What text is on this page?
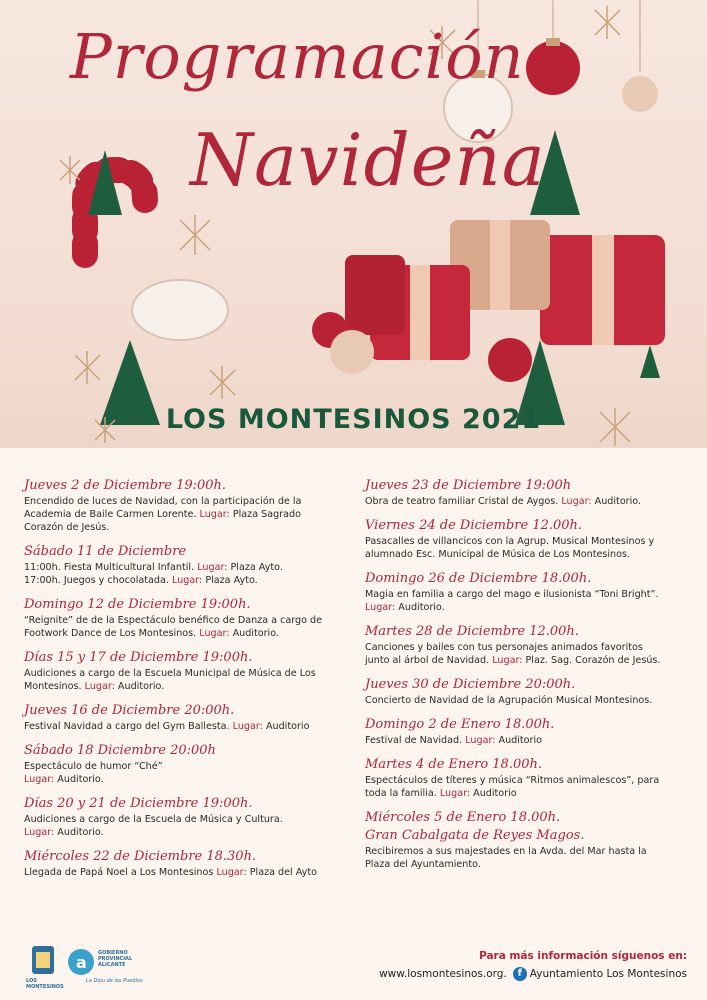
Programación
Navideña
LOS MONTESINOS 2021
Jueves 2 de Diciembre 19:00h.
Encendido de luces de Navidad, con la participación de la
Academia de Baile Carmen Lorente. Lugar: Plaza Sagrado
Corazón de Jesús.
Sábado 11 de Diciembre
11:00h. Fiesta Multicultural Infantil. Lugar: Plaza Ayto.
17:00h. Juegos y chocolatada. Lugar: Plaza Ayto.
Domingo 12 de Diciembre 19:00h.
“Reignite” de de la Espectáculo benéfico de Danza a cargo de
Footwork Dance de Los Montesinos. Lugar: Auditorio.
Días 15 y 17 de Diciembre 19:00h.
Audiciones a cargo de la Escuela Municipal de Música de Los
Montesinos. Lugar: Auditorio.
Jueves 16 de Diciembre 20:00h.
Festival Navidad a cargo del Gym Ballesta. Lugar: Auditorio
Sábado 18 Diciembre 20:00h
Espectáculo de humor “Ché”
Lugar: Auditorio.
Días 20 y 21 de Diciembre 19:00h.
Audiciones a cargo de la Escuela de Música y Cultura.
Lugar: Auditorio.
Miércoles 22 de Diciembre 18.30h.
Llegada de Papá Noel a Los Montesinos Lugar: Plaza del Ayto
Jueves 23 de Diciembre 19:00h
Obra de teatro familiar Cristal de Aygos. Lugar: Auditorio.
Viernes 24 de Diciembre 12.00h.
Pasacalles de villancicos con la Agrup. Musical Montesinos y
alumnado Esc. Municipal de Música de Los Montesinos.
Domingo 26 de Diciembre 18.00h.
Magia en familia a cargo del mago e ilusionista “Toni Bright”.
Lugar: Auditorio.
Martes 28 de Diciembre 12.00h.
Canciones y bailes con tus personajes animados favoritos
junto al árbol de Navidad. Lugar: Plaz. Sag. Corazón de Jesús.
Jueves 30 de Diciembre 20:00h.
Concierto de Navidad de la Agrupación Musical Montesinos.
Domingo 2 de Enero 18.00h.
Festival de Navidad. Lugar: Auditorio
Martes 4 de Enero 18.00h.
Espectáculos de títeres y música “Ritmos animalescos”, para
toda la familia. Lugar: Auditorio
Miércoles 5 de Enero 18.00h.
Gran Cabalgata de Reyes Magos.
Recibiremos a sus majestades en la Avda. del Mar hasta la
Plaza del Ayuntamiento.
a
LOS MONTESINOS
GOBIERNO
PROVINCIAL
ALICANTE
La Dipu de los Pueblos
Para más información síguenos en:
www.losmontesinos.org. f Ayuntamiento Los Montesinos
